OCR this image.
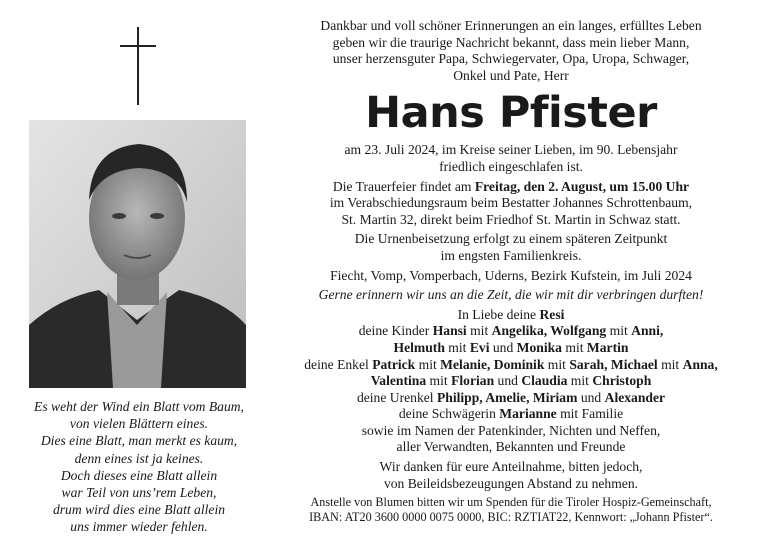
Es weht der Wind ein Blatt vom Baum,
von vielen Blättern eines.
Dies eine Blatt, man merkt es kaum,
denn eines ist ja keines.
Doch dieses eine Blatt allein
war Teil von uns’rem Leben,
drum wird dies eine Blatt allein
uns immer wieder fehlen.
Dankbar und voll schöner Erinnerungen an ein langes, erfülltes Leben
geben wir die traurige Nachricht bekannt, dass mein lieber Mann,
unser herzensguter Papa, Schwiegervater, Opa, Uropa, Schwager,
Onkel und Pate, Herr
Hans Pfister
am 23. Juli 2024, im Kreise seiner Lieben, im 90. Lebensjahr
friedlich eingeschlafen ist.
Die Trauerfeier findet am Freitag, den 2. August, um 15.00 Uhr
im Verabschiedungsraum beim Bestatter Johannes Schrottenbaum,
St. Martin 32, direkt beim Friedhof St. Martin in Schwaz statt.
Die Urnenbeisetzung erfolgt zu einem späteren Zeitpunkt
im engsten Familienkreis.
Fiecht, Vomp, Vomperbach, Uderns, Bezirk Kufstein, im Juli 2024
Gerne erinnern wir uns an die Zeit, die wir mit dir verbringen durften!
In Liebe deine Resi
deine Kinder Hansi mit Angelika, Wolfgang mit Anni,
Helmuth mit Evi und Monika mit Martin
deine Enkel Patrick mit Melanie, Dominik mit Sarah, Michael mit Anna,
Valentina mit Florian und Claudia mit Christoph
deine Urenkel Philipp, Amelie, Miriam und Alexander
deine Schwägerin Marianne mit Familie
sowie im Namen der Patenkinder, Nichten und Neffen,
aller Verwandten, Bekannten und Freunde
Wir danken für eure Anteilnahme, bitten jedoch,
von Beileidsbezeugungen Abstand zu nehmen.
Anstelle von Blumen bitten wir um Spenden für die Tiroler Hospiz-Gemeinschaft,
IBAN: AT20 3600 0000 0075 0000, BIC: RZTIAT22, Kennwort: „Johann Pfister“.
